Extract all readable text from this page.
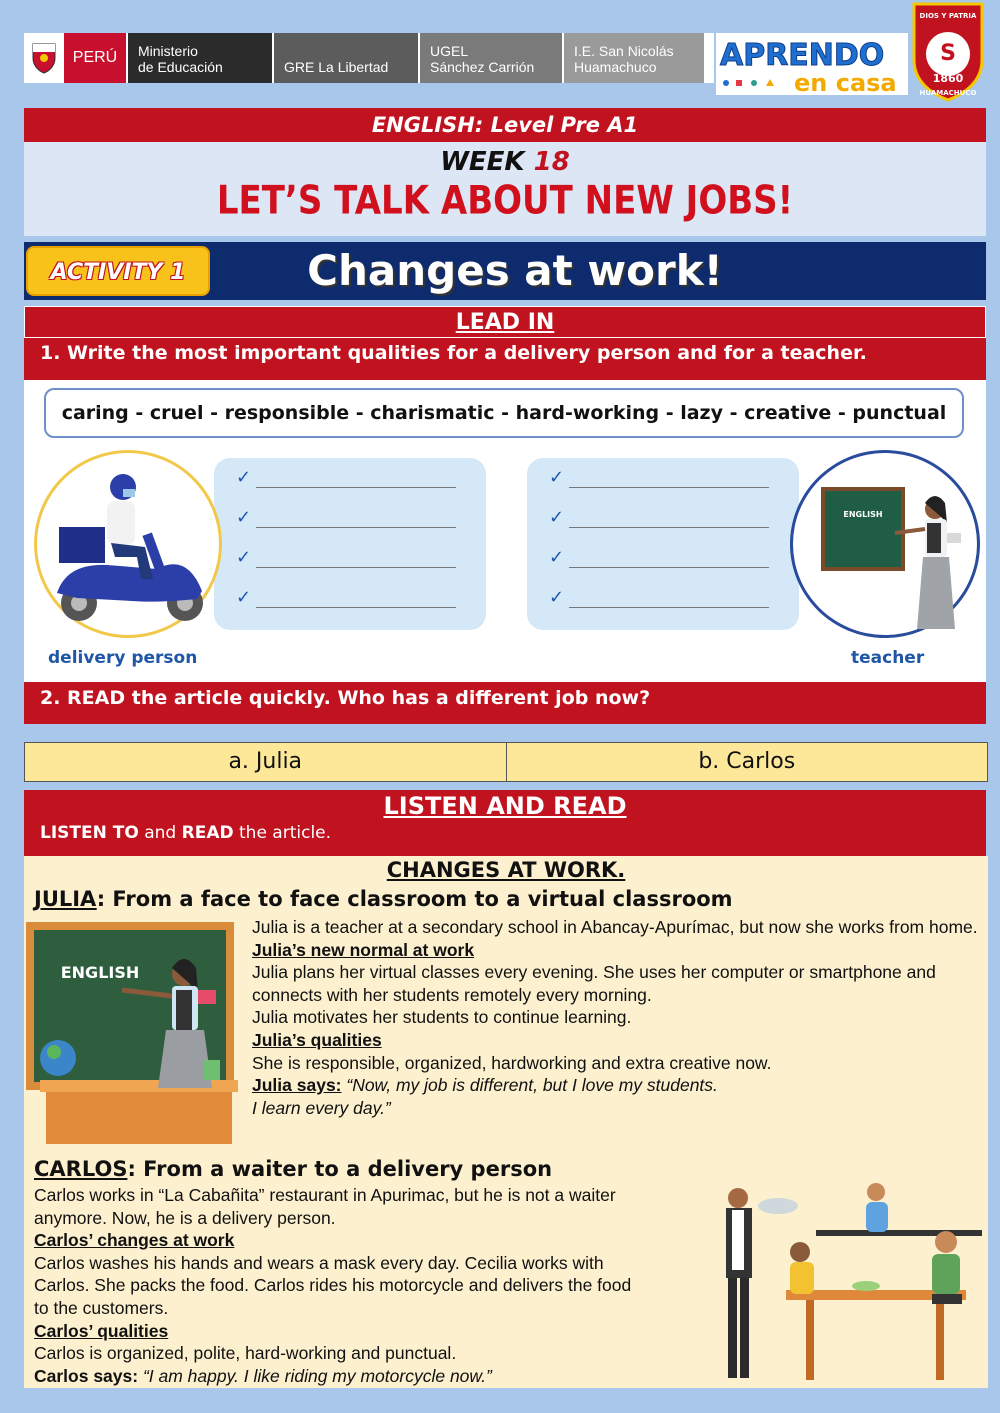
PERÚ	Ministerio
de Educación	GRE La Libertad
UGEL
Sánchez Carrión
I.E. San Nicolás
Huamachuco	APRENDO
en casa
DIOS Y PATRIA
S
1860
HUAMACHUCO
ENGLISH: Level Pre A1
WEEK 18
LET’S TALK ABOUT NEW JOBS!
ACTIVITY 1	Changes at work!
LEAD IN
1. Write the most important qualities for a delivery person and for a teacher.
caring - cruel - responsible - charismatic - hard-working - lazy - creative - punctual
✓
✓
✓
✓
✓
✓
✓
✓
ENGLISH
delivery person	teacher
2. READ the article quickly. Who has a different job now?
a. Julia	b. Carlos
LISTEN AND READ
LISTEN TO and READ the article.
CHANGES AT WORK.
JULIA: From a face to face classroom to a virtual classroom
ENGLISH
Julia is a teacher at a secondary school in Abancay-Apurímac, but now she works from home.
Julia’s new normal at work
Julia plans her virtual classes every evening. She uses her computer or smartphone and connects with her students remotely every morning.
Julia motivates her students to continue learning.
Julia’s qualities
She is responsible, organized, hardworking and extra creative now.
Julia says: “Now, my job is different, but I love my students.
I learn every day.”
CARLOS: From a waiter to a delivery person
Carlos works in “La Cabañita” restaurant in Apurimac, but he is not a waiter
anymore. Now, he is a delivery person.
Carlos’ changes at work
Carlos washes his hands and wears a mask every day. Cecilia works with
Carlos. She packs the food. Carlos rides his motorcycle and delivers the food
to the customers.
Carlos’ qualities
Carlos is organized, polite, hard-working and punctual.
Carlos says: “I am happy. I like riding my motorcycle now.”
